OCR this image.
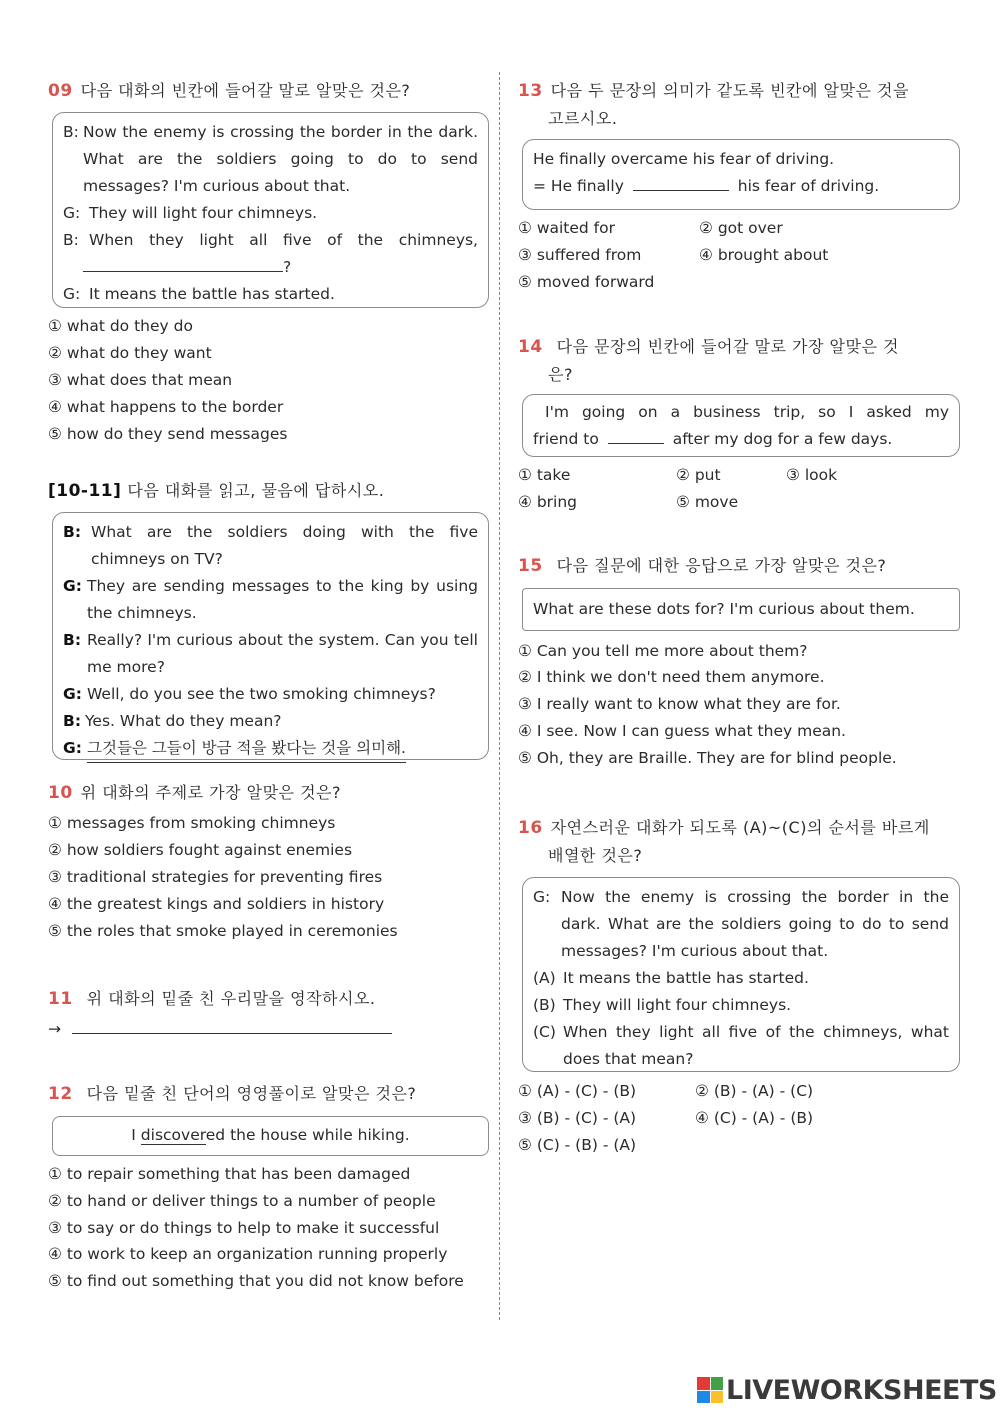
09 다음 대화의 빈칸에 들어갈 말로 알맞은 것은?
B: Now the enemy is crossing the border in the dark. What are the soldiers going to do to send messages? I'm curious about that.
G: They will light four chimneys.
B: When they light all five of the chimneys,
?
G: It means the battle has started.
① what do they do
② what do they want
③ what does that mean
④ what happens to the border
⑤ how do they send messages
[10-11] 다음 대화를 읽고, 물음에 답하시오.
B: What are the soldiers doing with the five chimneys on TV?
G: They are sending messages to the king by using the chimneys.
B: Really? I'm curious about the system. Can you tell me more?
G: Well, do you see the two smoking chimneys?
B: Yes. What do they mean?
G: 그것들은 그들이 방금 적을 봤다는 것을 의미해.
10 위 대화의 주제로 가장 알맞은 것은?
① messages from smoking chimneys
② how soldiers fought against enemies
③ traditional strategies for preventing fires
④ the greatest kings and soldiers in history
⑤ the roles that smoke played in ceremonies
11 위 대화의 밑줄 친 우리말을 영작하시오.
→
12 다음 밑줄 친 단어의 영영풀이로 알맞은 것은?
I discovered the house while hiking.
① to repair something that has been damaged
② to hand or deliver things to a number of people
③ to say or do things to help to make it successful
④ to work to keep an organization running properly
⑤ to find out something that you did not know before
13 다음 두 문장의 의미가 같도록 빈칸에 알맞은 것을
고르시오.
He finally overcame his fear of driving.
= He finally	his fear of driving.
① waited for	② got over
③ suffered from	④ brought about
⑤ moved forward
14 다음 문장의 빈칸에 들어갈 말로 가장 알맞은 것
은?
I'm going on a business trip, so I asked my
friend to	after my dog for a few days.
① take	② put	③ look
④ bring	⑤ move
15 다음 질문에 대한 응답으로 가장 알맞은 것은?
What are these dots for? I'm curious about them.
① Can you tell me more about them?
② I think we don't need them anymore.
③ I really want to know what they are for.
④ I see. Now I can guess what they mean.
⑤ Oh, they are Braille. They are for blind people.
16 자연스러운 대화가 되도록 (A)~(C)의 순서를 바르게
배열한 것은?
G: Now the enemy is crossing the border in the dark. What are the soldiers going to do to send messages? I'm curious about that.
(A) It means the battle has started.
(B) They will light four chimneys.
(C) When they light all five of the chimneys, what does that mean?
① (A) - (C) - (B)	② (B) - (A) - (C)
③ (B) - (C) - (A)	④ (C) - (A) - (B)
⑤ (C) - (B) - (A)
LIVEWORKSHEETS
